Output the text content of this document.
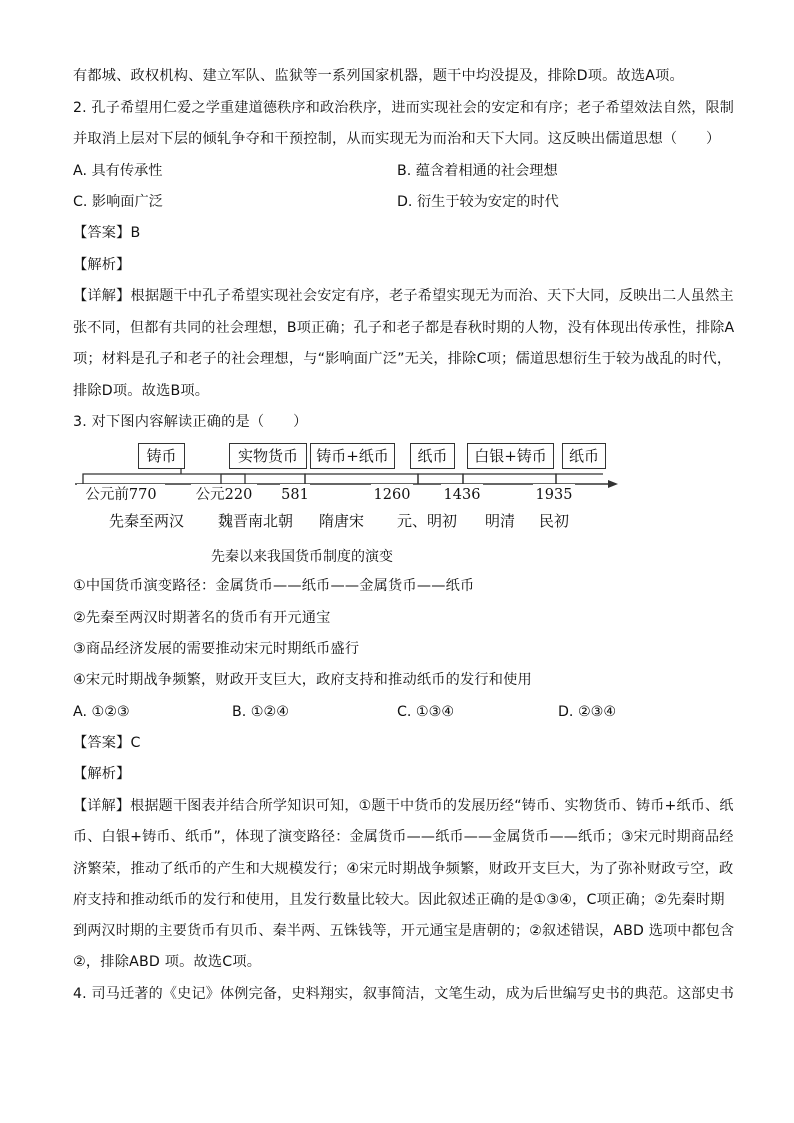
有都城、政权机构、建立军队、监狱等一系列国家机器，题干中均没提及，排除D项。故选A项。
2. 孔子希望用仁爱之学重建道德秩序和政治秩序，进而实现社会的安定和有序；老子希望效法自然，限制
并取消上层对下层的倾轧争夺和干预控制，从而实现无为而治和天下大同。这反映出儒道思想（　　）
A. 具有传承性	B. 蕴含着相通的社会理想
C. 影响面广泛	D. 衍生于较为安定的时代
【答案】B
【解析】
【详解】根据题干中孔子希望实现社会安定有序，老子希望实现无为而治、天下大同，反映出二人虽然主
张不同，但都有共同的社会理想，B项正确；孔子和老子都是春秋时期的人物，没有体现出传承性，排除A
项；材料是孔子和老子的社会理想，与“影响面广泛”无关，排除C项；儒道思想衍生于较为战乱的时代，
排除D项。故选B项。
3. 对下图内容解读正确的是（　　）
铸币	实物货币	铸币+纸币	纸币	白银+铸币	纸币
公元前770	公元220	581	1260 1436	1935
先秦至两汉 魏晋南北朝 隋唐宋 元、明初 明清 民初
先秦以来我国货币制度的演变
①中国货币演变路径：金属货币——纸币——金属货币——纸币
②先秦至两汉时期著名的货币有开元通宝
③商品经济发展的需要推动宋元时期纸币盛行
④宋元时期战争频繁，财政开支巨大，政府支持和推动纸币的发行和使用
A. ①②③	B. ①②④	C. ①③④	D. ②③④
【答案】C
【解析】
【详解】根据题干图表并结合所学知识可知，①题干中货币的发展历经“铸币、实物货币、铸币+纸币、纸
币、白银+铸币、纸币”，体现了演变路径：金属货币——纸币——金属货币——纸币；③宋元时期商品经
济繁荣，推动了纸币的产生和大规模发行；④宋元时期战争频繁，财政开支巨大，为了弥补财政亏空，政
府支持和推动纸币的发行和使用，且发行数量比较大。因此叙述正确的是①③④，C项正确；②先秦时期
到两汉时期的主要货币有贝币、秦半两、五铢钱等，开元通宝是唐朝的；②叙述错误，ABD 选项中都包含
②，排除ABD 项。故选C项。
4. 司马迁著的《史记》体例完备，史料翔实，叙事简洁，文笔生动，成为后世编写史书的典范。这部史书
